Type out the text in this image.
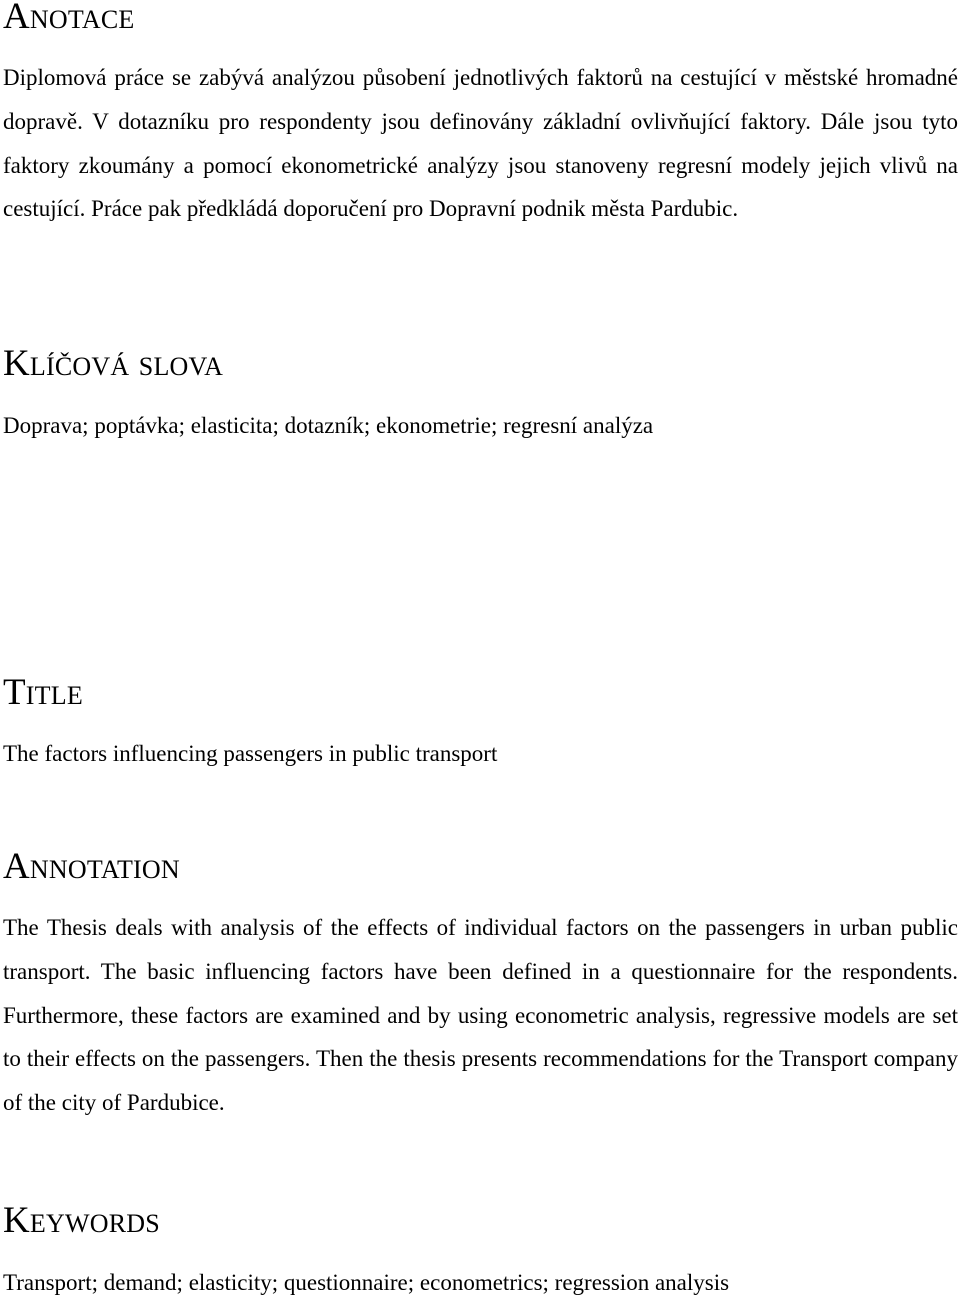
Anotace

Diplomová práce se zabývá analýzou působení jednotlivých faktorů na cestující v městské hromadné dopravě. V dotazníku pro respondenty jsou definovány základní ovlivňující faktory. Dále jsou tyto faktory zkoumány a pomocí ekonometrické analýzy jsou stanoveny regresní modely jejich vlivů na cestující. Práce pak předkládá doporučení pro Dopravní podnik města Pardubic.

Klíčová slova

Doprava; poptávka; elasticita; dotazník; ekonometrie; regresní analýza

Title

The factors influencing passengers in public transport

Annotation

The Thesis deals with analysis of the effects of individual factors on the passengers in urban public transport. The basic influencing factors have been defined in a questionnaire for the respondents. Furthermore, these factors are examined and by using econometric analysis, regressive models are set to their effects on the passengers. Then the thesis presents recommendations for the Transport company of the city of Pardubice.

Keywords

Transport; demand; elasticity; questionnaire; econometrics; regression analysis
